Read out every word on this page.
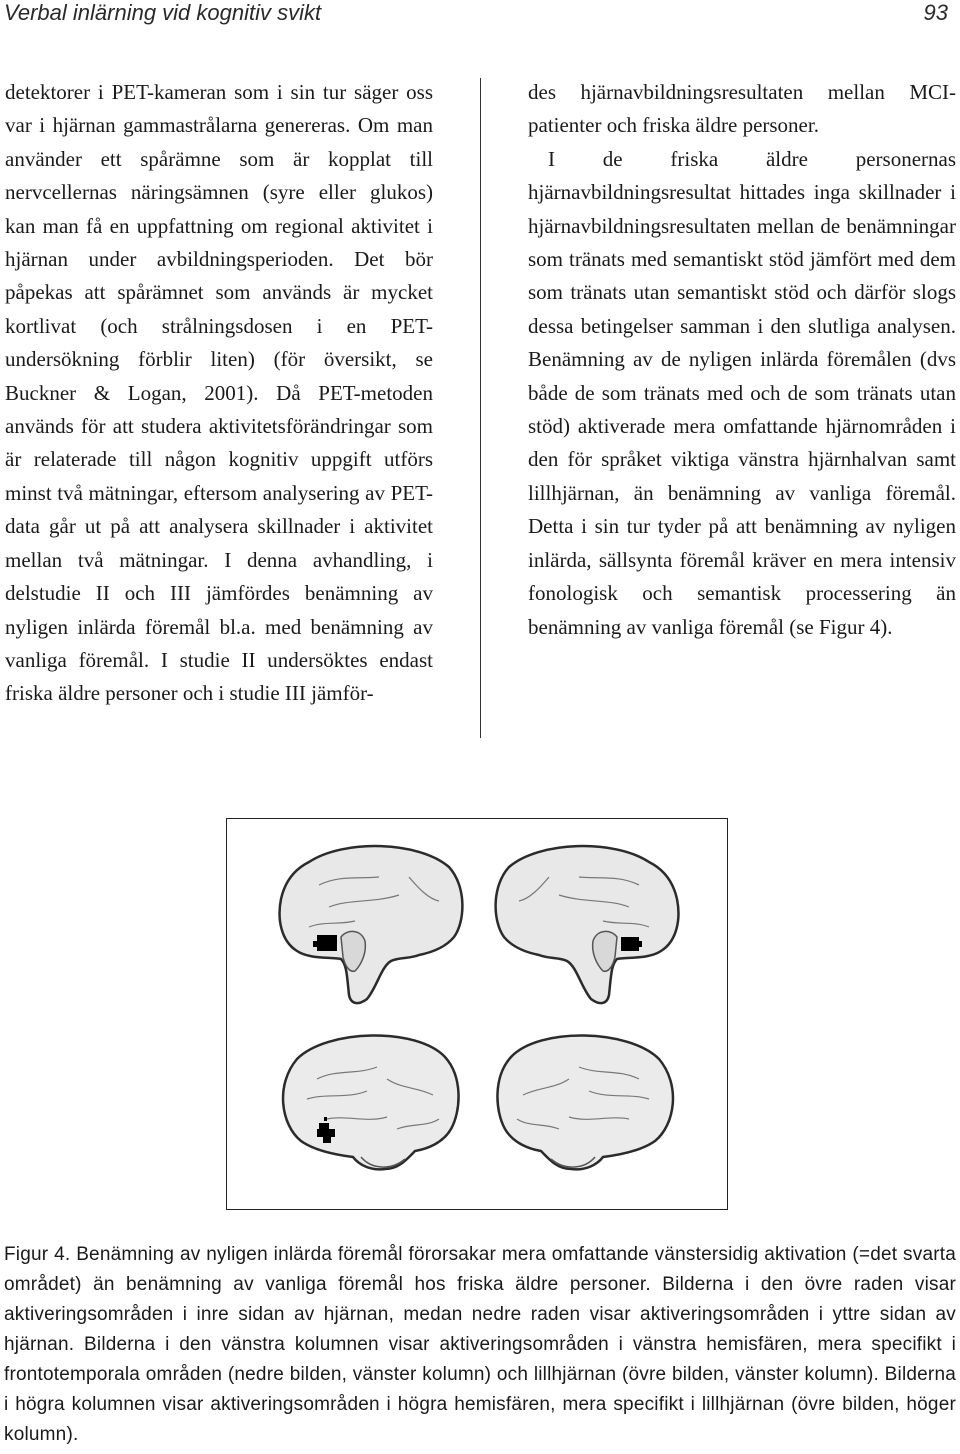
Verbal inlärning vid kognitiv svikt	93

detektorer i PET-kameran som i sin tur säger oss var i hjärnan gammastrålarna genereras. Om man använder ett spårämne som är kopplat till nervcellernas näringsämnen (syre eller glukos) kan man få en uppfattning om regional aktivitet i hjärnan under avbildningsperioden. Det bör påpekas att spårämnet som används är mycket kortlivat (och strålningsdosen i en PET-undersökning förblir liten) (för översikt, se Buckner & Logan, 2001). Då PET-metoden används för att studera aktivitetsförändringar som är relaterade till någon kognitiv uppgift utförs minst två mätningar, eftersom analysering av PET-data går ut på att analysera skillnader i aktivitet mellan två mätningar. I denna avhandling, i delstudie II och III jämfördes benämning av nyligen inlärda föremål bl.a. med benämning av vanliga föremål. I studie II undersöktes endast friska äldre personer och i studie III jämför-

des hjärnavbildningsresultaten mellan MCI-patienter och friska äldre personer.

I de friska äldre personernas hjärnavbildningsresultat hittades inga skillnader i hjärnavbildningsresultaten mellan de benämningar som tränats med semantiskt stöd jämfört med dem som tränats utan semantiskt stöd och därför slogs dessa betingelser samman i den slutliga analysen. Benämning av de nyligen inlärda föremålen (dvs både de som tränats med och de som tränats utan stöd) aktiverade mera omfattande hjärnområden i den för språket viktiga vänstra hjärnhalvan samt lillhjärnan, än benämning av vanliga föremål. Detta i sin tur tyder på att benämning av nyligen inlärda, sällsynta föremål kräver en mera intensiv fonologisk och semantisk processering än benämning av vanliga föremål (se Figur 4).

Figur 4. Benämning av nyligen inlärda föremål förorsakar mera omfattande vänstersidig aktivation (=det svarta området) än benämning av vanliga föremål hos friska äldre personer. Bilderna i den övre raden visar aktiveringsområden i inre sidan av hjärnan, medan nedre raden visar aktiveringsområden i yttre sidan av hjärnan. Bilderna i den vänstra kolumnen visar aktiveringsområden i vänstra hemisfären, mera specifikt i frontotemporala områden (nedre bilden, vänster kolumn) och lillhjärnan (övre bilden, vänster kolumn). Bilderna i högra kolumnen visar aktiveringsområden i högra hemisfären, mera specifikt i lillhjärnan (övre bilden, höger kolumn).
